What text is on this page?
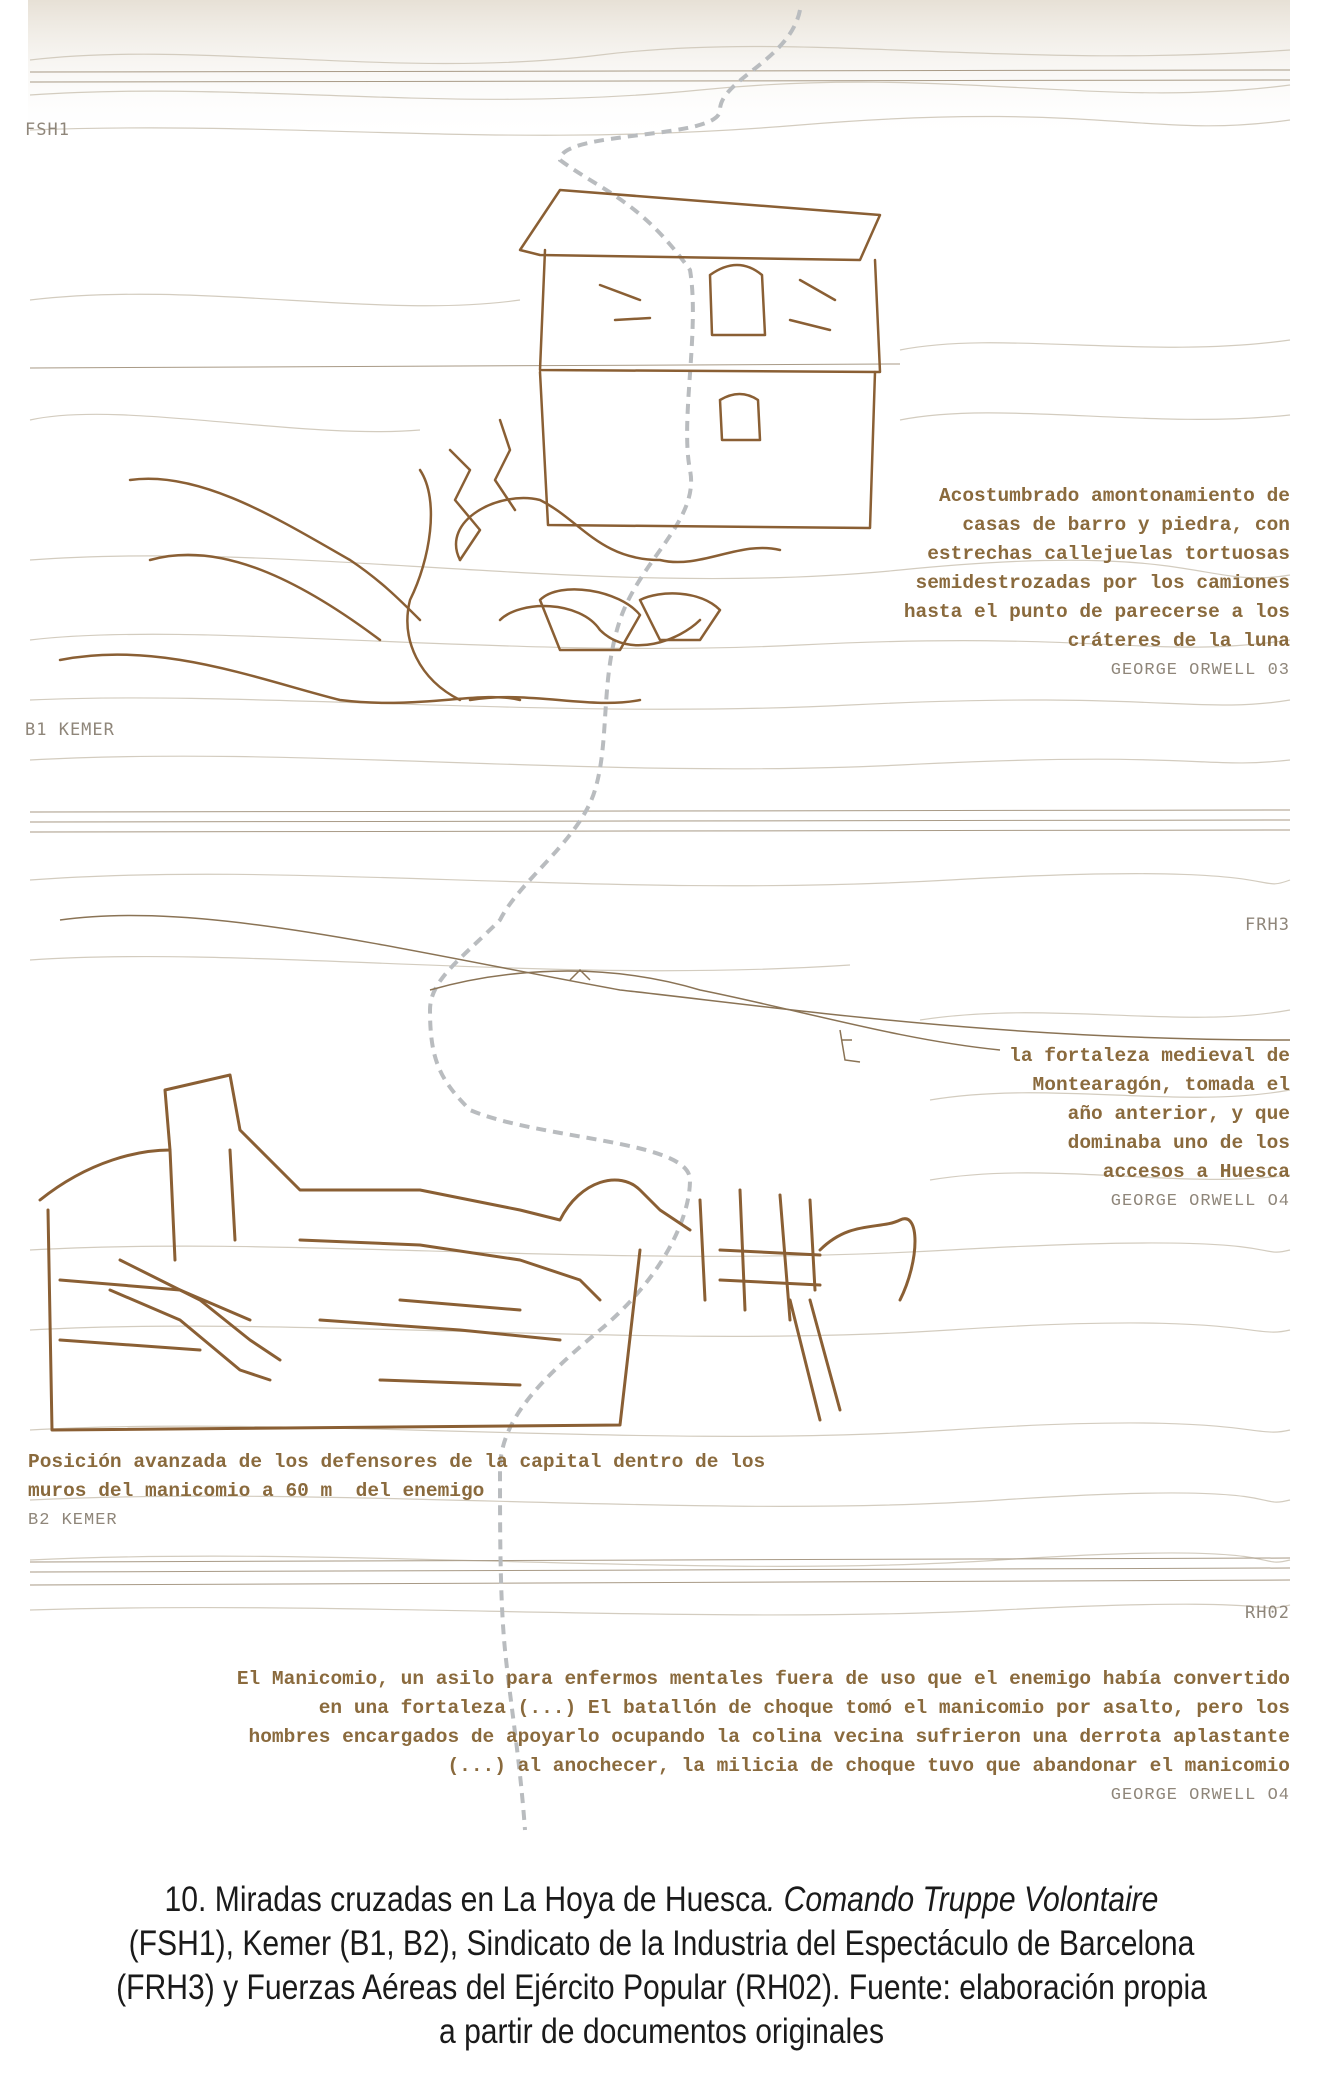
FSH1

B1 KEMER

FRH3

RH02

Acostumbrado amontonamiento de
casas de barro y piedra, con
estrechas callejuelas tortuosas
semidestrozadas por los camiones
hasta el punto de parecerse a los
cráteres de la luna
GEORGE ORWELL 03
la fortaleza medieval de
Montearagón, tomada el
año anterior, y que
dominaba uno de los
accesos a Huesca
GEORGE ORWELL O4
Posición avanzada de los defensores de la capital dentro de los
muros del manicomio a 60 m  del enemigo
B2 KEMER
El Manicomio, un asilo para enfermos mentales fuera de uso que el enemigo había convertido
en una fortaleza (...) El batallón de choque tomó el manicomio por asalto, pero los
hombres encargados de apoyarlo ocupando la colina vecina sufrieron una derrota aplastante
(...) al anochecer, la milicia de choque tuvo que abandonar el manicomio
GEORGE ORWELL O4
10. Miradas cruzadas en La Hoya de Huesca. Comando Truppe Volontaire
(FSH1), Kemer (B1, B2), Sindicato de la Industria del Espectáculo de Barcelona
(FRH3) y Fuerzas Aéreas del Ejército Popular (RH02). Fuente: elaboración propia
a partir de documentos originales
